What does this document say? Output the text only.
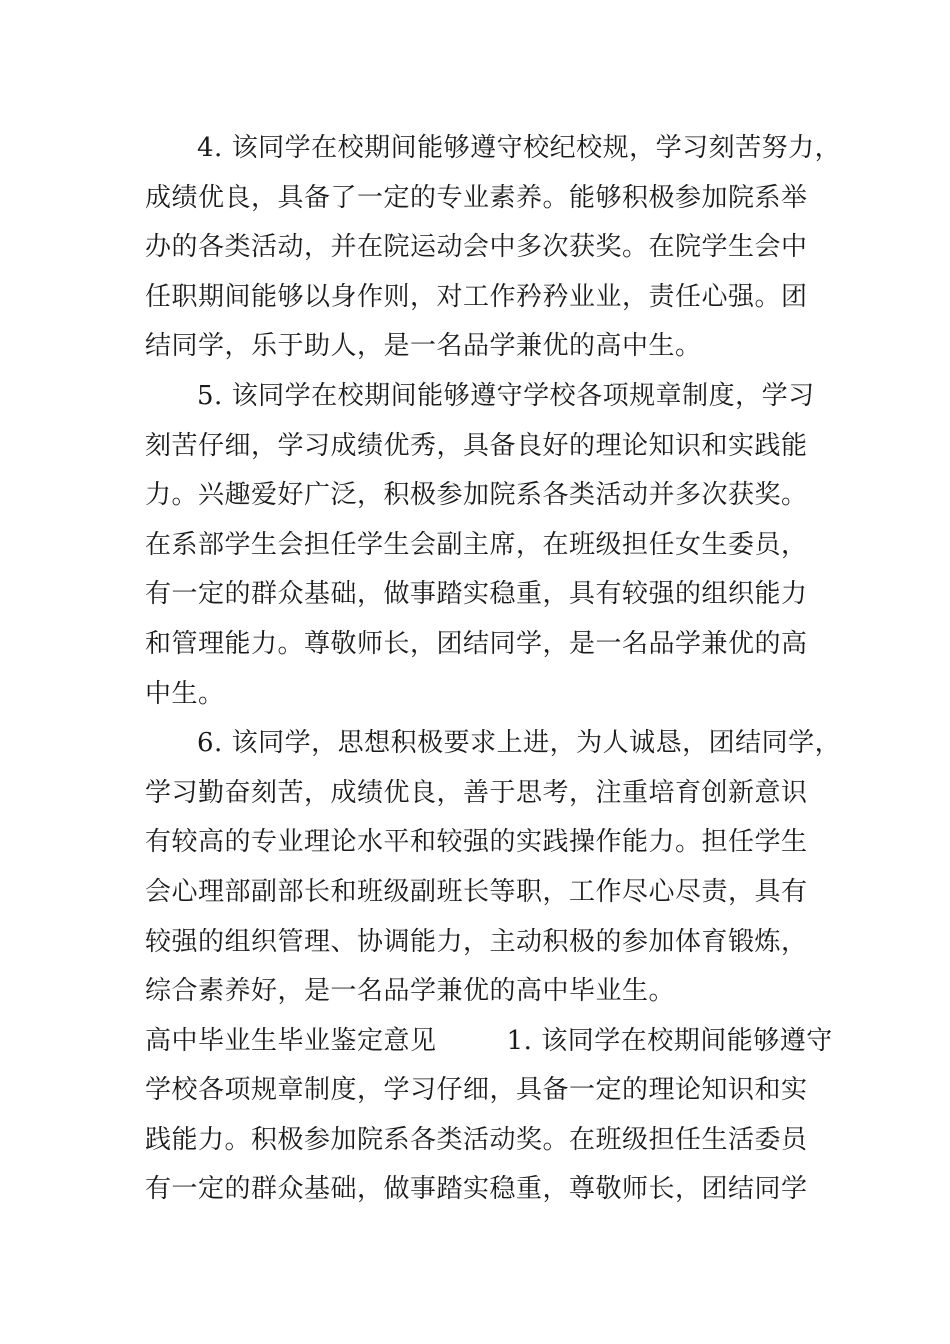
4. 该同学在校期间能够遵守校纪校规，学习刻苦努力，
成绩优良，具备了一定的专业素养。能够积极参加院系举
办的各类活动，并在院运动会中多次获奖。在院学生会中
任职期间能够以身作则，对工作矜矜业业，责任心强。团
结同学，乐于助人，是一名品学兼优的高中生。
5. 该同学在校期间能够遵守学校各项规章制度，学习
刻苦仔细，学习成绩优秀，具备良好的理论知识和实践能
力。兴趣爱好广泛，积极参加院系各类活动并多次获奖。
在系部学生会担任学生会副主席，在班级担任女生委员，
有一定的群众基础，做事踏实稳重，具有较强的组织能力
和管理能力。尊敬师长，团结同学，是一名品学兼优的高
中生。
6. 该同学，思想积极要求上进，为人诚恳，团结同学，
学习勤奋刻苦，成绩优良，善于思考，注重培育创新意识
有较高的专业理论水平和较强的实践操作能力。担任学生
会心理部副部长和班级副班长等职，工作尽心尽责，具有
较强的组织管理、协调能力，主动积极的参加体育锻炼，
综合素养好，是一名品学兼优的高中毕业生。
高中毕业生毕业鉴定意见        1. 该同学在校期间能够遵守
学校各项规章制度，学习仔细，具备一定的理论知识和实
践能力。积极参加院系各类活动奖。在班级担任生活委员
有一定的群众基础，做事踏实稳重，尊敬师长，团结同学
